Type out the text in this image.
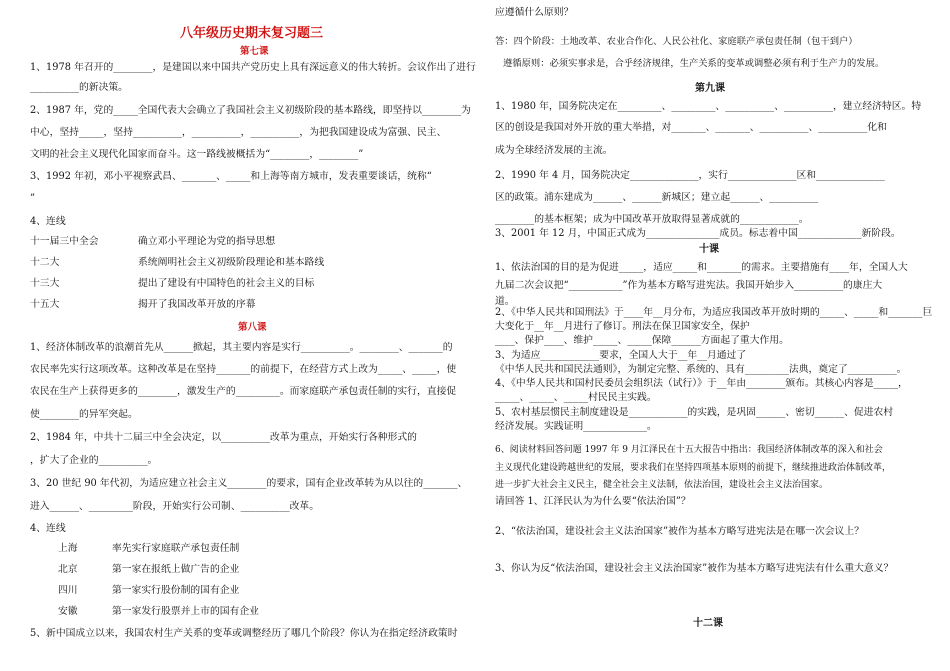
八年级历史期末复习题三
第七课
1、1978 年召开的________，是建国以来中国共产党历史上具有深远意义的伟大转折。会议作出了进行
__________的新决策。
2、1987 年，党的_____全国代表大会确立了我国社会主义初级阶段的基本路线，即坚持以________为
中心，坚持_____，坚持__________，__________，__________，为把我国建设成为富强、民主、
文明的社会主义现代化国家而奋斗。这一路线被概括为“________，________”
3、1992 年初，邓小平视察武昌、_______、_____和上海等南方城市，发表重要谈话，统称“
”
4、连线
十一届三中全会	确立邓小平理论为党的指导思想
十二大	系统阐明社会主义初级阶段理论和基本路线
十三大	提出了建设有中国特色的社会主义的目标
十五大	揭开了我国改革开放的序幕
第八课
1、经济体制改革的浪潮首先从______掀起，其主要内容是实行__________。________、_______的
农民率先实行这项改革。这种改革是在坚持_______的前提下，在经营方式上改为_____、_____，使
农民在生产上获得更多的________，激发生产的_________。而家庭联产承包责任制的实行，直接促
使________的异军突起。
2、1984 年，中共十二届三中全会决定，以__________改革为重点，开始实行各种形式的
，扩大了企业的__________。
3、20 世纪 90 年代初，为适应建立社会主义________的要求，国有企业改革转为从以往的_______、
进入______、_________阶段，开始实行公司制、__________改革。
4、连线
上海	率先实行家庭联产承包责任制
北京	第一家在报纸上做广告的企业
四川	第一家实行股份制的国有企业
安徽	第一家发行股票并上市的国有企业
5、新中国成立以来，我国农村生产关系的变革或调整经历了哪几个阶段？你认为在指定经济政策时
应遵循什么原则？
答：四个阶段：土地改革、农业合作化、人民公社化、家庭联产承包责任制（包干到户）
遵循原则：必须实事求是，合乎经济规律，生产关系的变革或调整必须有利于生产力的发展。
第九课
1、1980 年，国务院决定在_________、_________、__________、__________，建立经济特区。特
区的创设是我国对外开放的重大举措，对_______、_______、__________、__________化和
成为全球经济发展的主流。
2、1990 年 4 月，国务院决定______________，实行______________区和______________
区的政策。浦东建成为______、______新城区；建立起______、__________
________的基本框架；成为中国改革开放取得显著成就的____________。
3、2001 年 12 月，中国正式成为_______________成员。标志着中国_____________新阶段。
十课
1、依法治国的目的是为促进_____，适应_____和_______的需求。主要措施有____年，全国人大
九届二次会议把“___________”作为基本方略写进宪法。我国开始步入__________的康庄大
道。
2、《中华人民共和国刑法》于____年__月分布，为适应我国改革开放时期的_____、_____和_______巨
大变化于__年__月进行了修订。刑法在保卫国家安全，保护
____、保护____、维护_____、_____保障______方面起了重大作用。
3、为适应____________要求，全国人大于__年__月通过了
《中华人民共和国民法通则》，为制定完整、系统的、具有_________法典，奠定了__________。
4、《中华人民共和国村民委员会组织法（试行）》于__年由________颁布。其核心内容是_____，
_____、_____、_____村民民主实践。
5、农村基层惯民主制度建设是____________的实践，是巩固______、密切______、促进农村
经济发展。实践证明_____________。
6、阅读材料回答问题 1997 年 9 月江泽民在十五大报告中指出：我国经济体制改革的深入和社会
主义现代化建设跨越世纪的发展，要求我们在坚持四项基本原则的前提下，继续推进政治体制改革，
进一步扩大社会主义民主，健全社会主义法制，依法治国，建设社会主义法治国家。
请回答 1、江泽民认为为什么要“依法治国”？
2、“依法治国，建设社会主义法治国家”被作为基本方略写进宪法是在哪一次会议上？
3、你认为反“依法治国，建设社会主义法治国家”被作为基本方略写进宪法有什么重大意义？
十二课
